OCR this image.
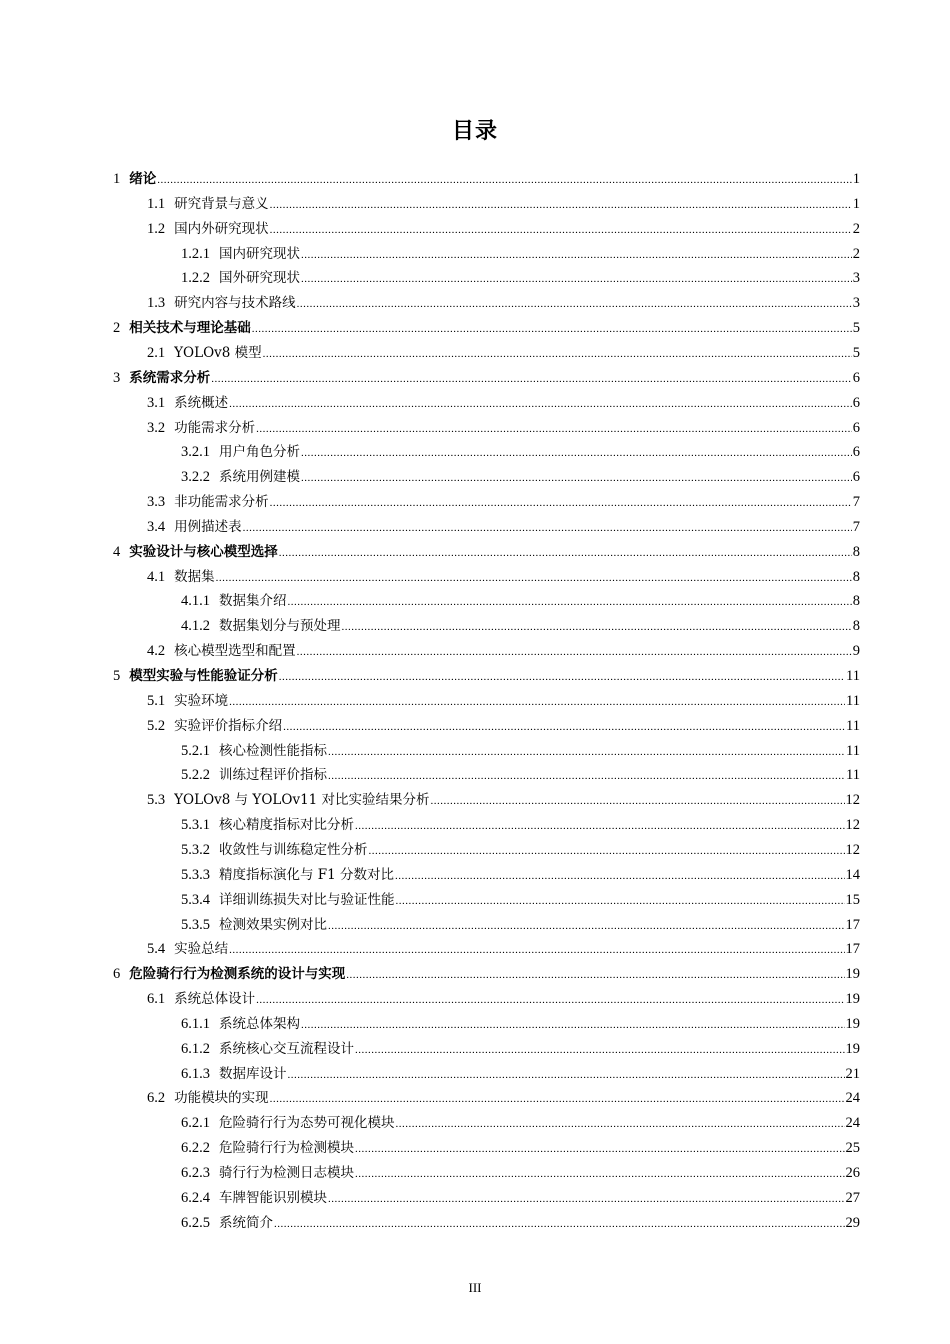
目录
1 绪论 .....	1
1.1 研究背景与意义 .....	1
1.2 国内外研究现状 .....	2
1.2.1 国内研究现状 .....	2
1.2.2 国外研究现状 .....	3
1.3 研究内容与技术路线 .....	3
2 相关技术与理论基础 .....	5
2.1 YOLOv8 模型 .....	5
3 系统需求分析 .....	6
3.1 系统概述 .....	6
3.2 功能需求分析 .....	6
3.2.1 用户角色分析 .....	6
3.2.2 系统用例建模 .....	6
3.3 非功能需求分析 .....	7
3.4 用例描述表 .....	7
4 实验设计与核心模型选择 .....	8
4.1 数据集 .....	8
4.1.1 数据集介绍 .....	8
4.1.2 数据集划分与预处理 .....	8
4.2 核心模型选型和配置 .....	9
5 模型实验与性能验证分析 .....	11
5.1 实验环境 .....	11
5.2 实验评价指标介绍 .....	11
5.2.1 核心检测性能指标 .....	11
5.2.2 训练过程评价指标 .....	11
5.3 YOLOv8 与 YOLOv11 对比实验结果分析 .....	12
5.3.1 核心精度指标对比分析 .....	12
5.3.2 收敛性与训练稳定性分析 .....	12
5.3.3 精度指标演化与 F1 分数对比 .....	14
5.3.4 详细训练损失对比与验证性能 .....	15
5.3.5 检测效果实例对比 .....	17
5.4 实验总结 .....	17
6 危险骑行行为检测系统的设计与实现 .....	19
6.1 系统总体设计 .....	19
6.1.1 系统总体架构 .....	19
6.1.2 系统核心交互流程设计 .....	19
6.1.3 数据库设计 .....	21
6.2 功能模块的实现 .....	24
6.2.1 危险骑行行为态势可视化模块 .....	24
6.2.2 危险骑行行为检测模块 .....	25
6.2.3 骑行行为检测日志模块 .....	26
6.2.4 车牌智能识别模块 .....	27
6.2.5 系统简介 .....	29
III
